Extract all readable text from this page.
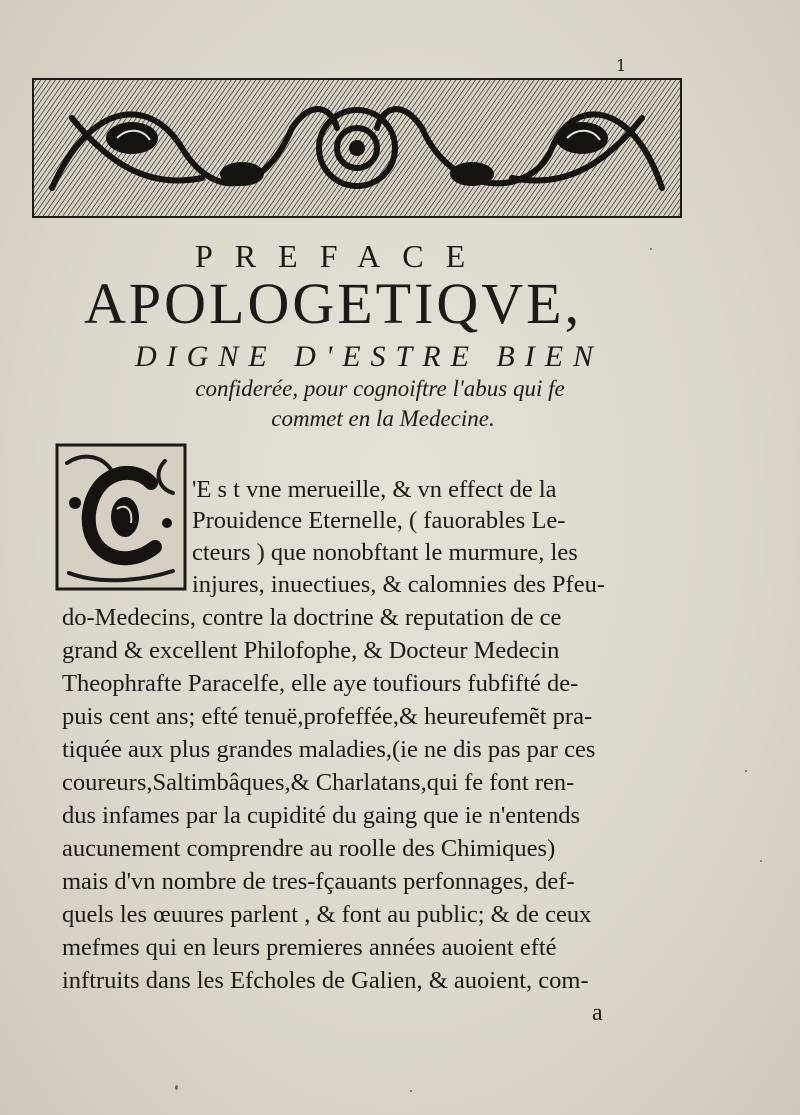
1
PREFACE
APOLOGETIQVE,
DIGNE D'ESTRE BIEN
confiderée, pour cognoiftre l'abus qui fe
commet en la Medecine.
'E s t vne merueille, & vn effect de la
Prouidence Eternelle, ( fauorables Le-
cteurs ) que nonobftant le murmure, les
injures, inuectiues, & calomnies des Pfeu-
do-Medecins, contre la doctrine & reputation de ce
grand & excellent Philofophe, & Docteur Medecin
Theophrafte Paracelfe, elle aye toufiours fubfifté de-
puis cent ans; efté tenuë,profeffée,& heureufemẽt pra-
tiquée aux plus grandes maladies,(ie ne dis pas par ces
coureurs,Saltimbâques,& Charlatans,qui fe font ren-
dus infames par la cupidité du gaing que ie n'entends
aucunement comprendre au roolle des Chimiques)
mais d'vn nombre de tres-fçauants perfonnages, def-
quels les œuures parlent , & font au public; & de ceux
mefmes qui en leurs premieres années auoient efté
inftruits dans les Efcholes de Galien, & auoient, com-
a
